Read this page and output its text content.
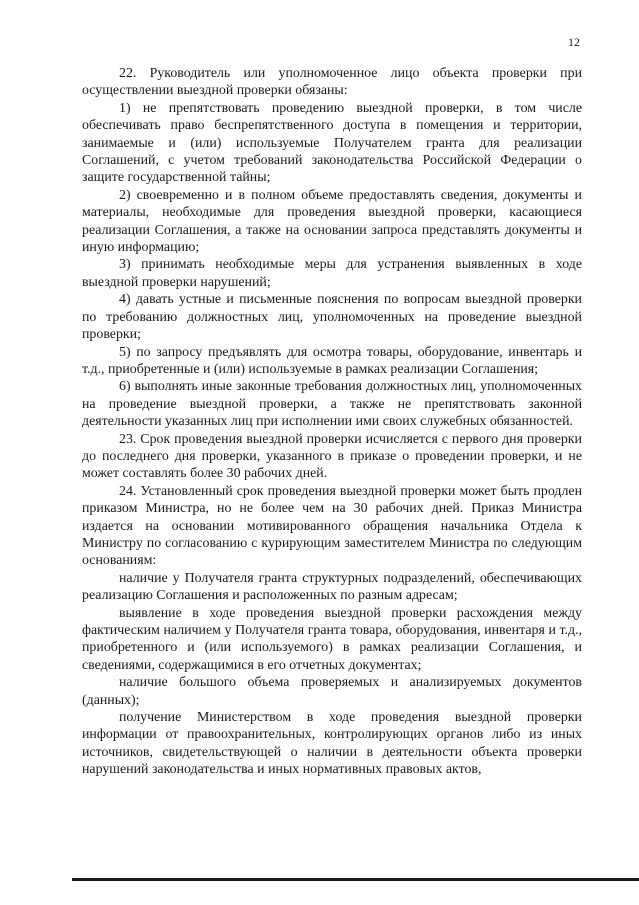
12

22. Руководитель или уполномоченное лицо объекта проверки при осуществлении выездной проверки обязаны:

1) не препятствовать проведению выездной проверки, в том числе обеспечивать право беспрепятственного доступа в помещения и территории, занимаемые и (или) используемые Получателем гранта для реализации Соглашений, с учетом требований законодательства Российской Федерации о защите государственной тайны;

2) своевременно и в полном объеме предоставлять сведения, документы и материалы, необходимые для проведения выездной проверки, касающиеся реализации Соглашения, а также на основании запроса представлять документы и иную информацию;

3) принимать необходимые меры для устранения выявленных в ходе выездной проверки нарушений;

4) давать устные и письменные пояснения по вопросам выездной проверки по требованию должностных лиц, уполномоченных на проведение выездной проверки;

5) по запросу предъявлять для осмотра товары, оборудование, инвентарь и т.д., приобретенные и (или) используемые в рамках реализации Соглашения;

6) выполнять иные законные требования должностных лиц, уполномоченных на проведение выездной проверки, а также не препятствовать законной деятельности указанных лиц при исполнении ими своих служебных обязанностей.

23. Срок проведения выездной проверки исчисляется с первого дня проверки до последнего дня проверки, указанного в приказе о проведении проверки, и не может составлять более 30 рабочих дней.

24. Установленный срок проведения выездной проверки может быть продлен приказом Министра, но не более чем на 30 рабочих дней. Приказ Министра издается на основании мотивированного обращения начальника Отдела к Министру по согласованию с курирующим заместителем Министра по следующим основаниям:

наличие у Получателя гранта структурных подразделений, обеспечивающих реализацию Соглашения и расположенных по разным адресам;

выявление в ходе проведения выездной проверки расхождения между фактическим наличием у Получателя гранта товара, оборудования, инвентаря и т.д., приобретенного и (или используемого) в рамках реализации Соглашения, и сведениями, содержащимися в его отчетных документах;

наличие большого объема проверяемых и анализируемых документов (данных);

получение Министерством в ходе проведения выездной проверки информации от правоохранительных, контролирующих органов либо из иных источников, свидетельствующей о наличии в деятельности объекта проверки нарушений законодательства и иных нормативных правовых актов,
